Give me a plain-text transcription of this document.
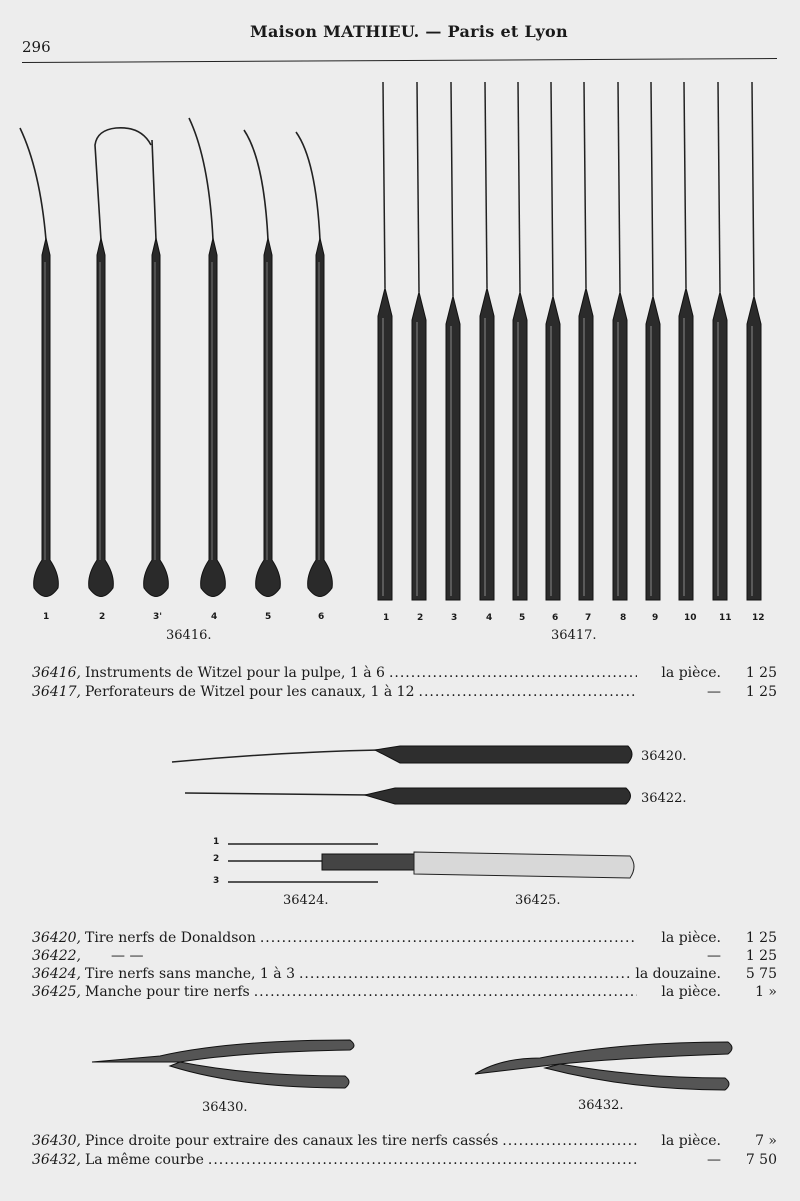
296
Maison MATHIEU. — Paris et Lyon
1	2	3'	4	5	6
36416.
1	2	3	4	5	6	7	8	9	10 11 12
36417.
36416, Instruments de Witzel pour la pulpe, 1 à 6 .....	la pièce.	1 25
36417, Perforateurs de Witzel pour les canaux, 1 à 12 .....	—	1 25
36420.
36422.
1
2
3
36424.	36425.
36420, Tire nerfs de Donaldson .....	la pièce.	1 25
36422, — —	—	1 25
36424, Tire nerfs sans manche, 1 à 3 .....	la douzaine.	5 75
36425, Manche pour tire nerfs .....	la pièce.	1 »
36430.	36432.
36430, Pince droite pour extraire des canaux les tire nerfs cassés .....	la pièce.	7 »
36432, La même courbe .....	—	7 50
